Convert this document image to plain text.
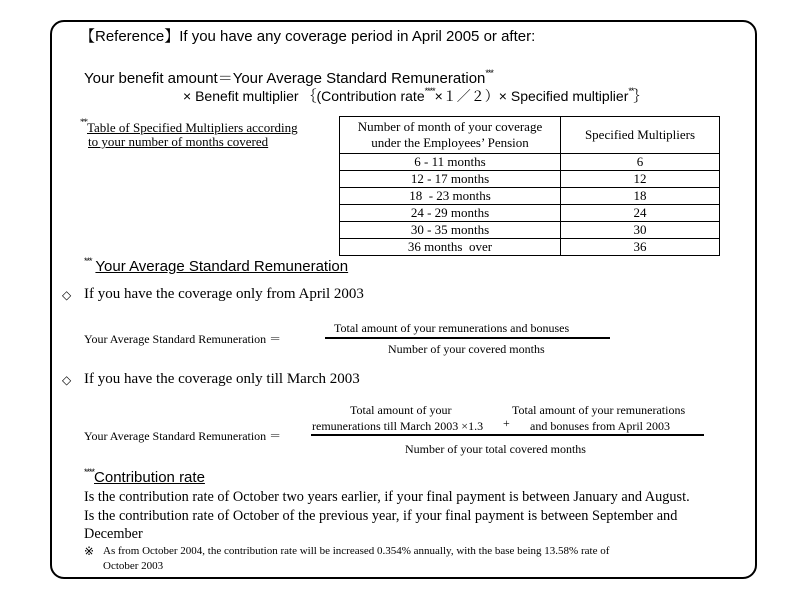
【Reference】If you have any coverage period in April 2005 or after:
Your benefit amount＝Your Average Standard Remuneration***
× Benefit multiplier ｛(Contribution rate****×１／２）× Specified multiplier**｝
**Table of Specified Multipliers according
to your number of months covered
Number of month of your coverage
under the Employees’ Pension	Specified Multipliers
6 - 11 months	6
12 - 17 months	12
18  - 23 months	18
24 - 29 months	24
30 - 35 months	30
36 months  over	36
*** Your Average Standard Remuneration
◇ If you have the coverage only from April 2003
Your Average Standard Remuneration ＝
Total amount of your remunerations and bonuses
Number of your covered months
◇ If you have the coverage only till March 2003
Your Average Standard Remuneration ＝
Total amount of your
remunerations till March 2003 ×1.3 +
Total amount of your remunerations
and bonuses from April 2003
Number of your total covered months
****Contribution rate
Is the contribution rate of October two years earlier, if your final payment is between January and August.
Is the contribution rate of October of the previous year, if your final payment is between September and
December
※ As from October 2004, the contribution rate will be increased 0.354% annually, with the base being 13.58% rate of
October 2003
